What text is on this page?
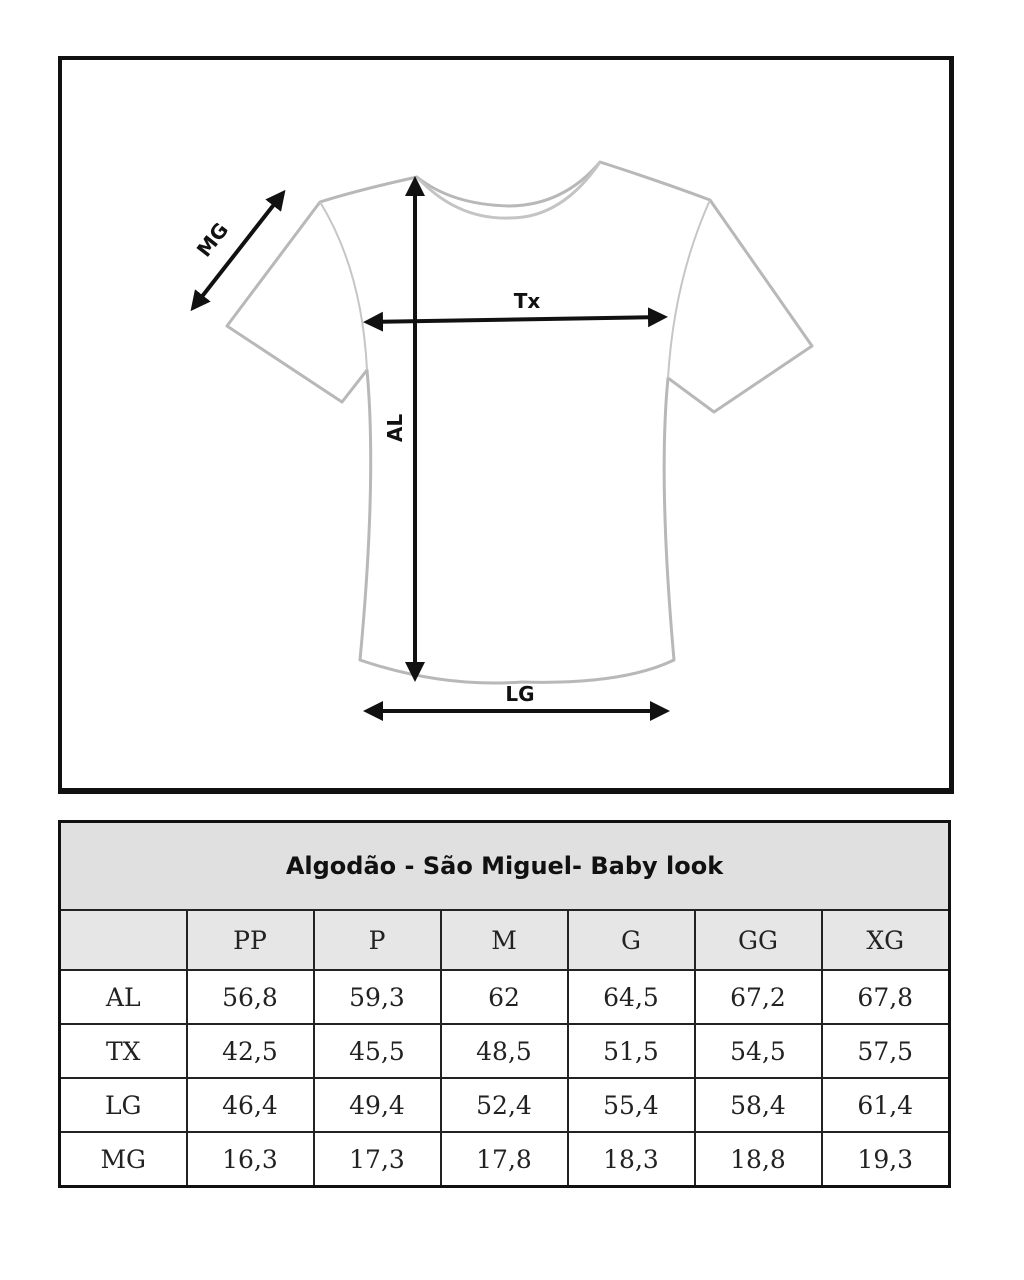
MG
Tx
AL
LG
Algodão - São Miguel- Baby look						
	PP	P	M	G	GG	XG
AL	56,8	59,3	62	64,5	67,2	67,8
TX	42,5	45,5	48,5	51,5	54,5	57,5
LG	46,4	49,4	52,4	55,4	58,4	61,4
MG	16,3	17,3	17,8	18,3	18,8	19,3
